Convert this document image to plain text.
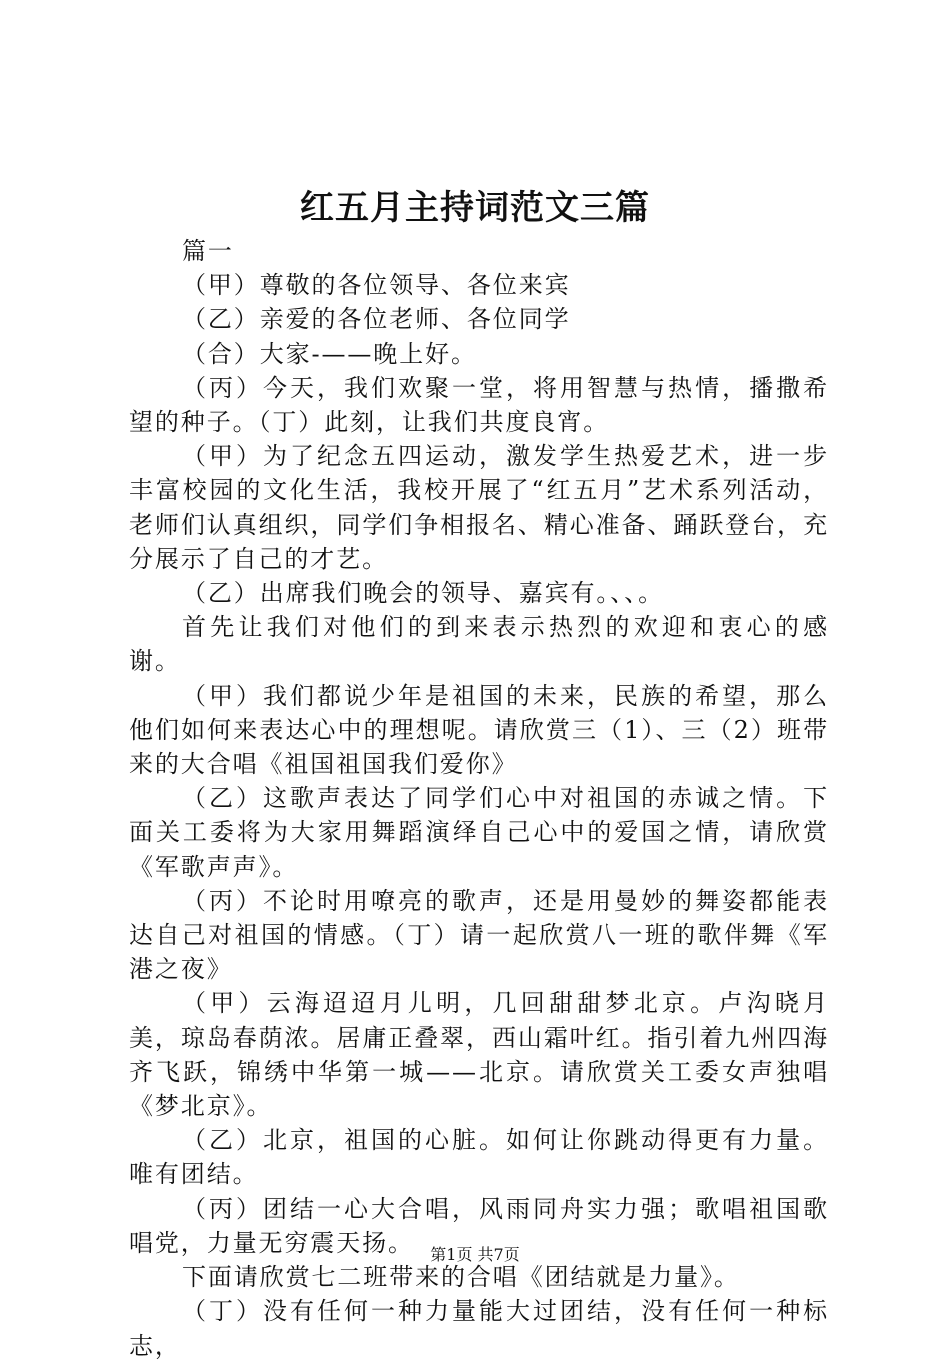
红五月主持词范文三篇

篇一

（甲）尊敬的各位领导、各位来宾

（乙）亲爱的各位老师、各位同学

（合）大家-——晚上好。

（丙）今天，我们欢聚一堂，将用智慧与热情，播撒希望的种子。（丁）此刻，让我们共度良宵。

（甲）为了纪念五四运动，激发学生热爱艺术，进一步丰富校园的文化生活，我校开展了“红五月”艺术系列活动，老师们认真组织，同学们争相报名、精心准备、踊跃登台，充分展示了自己的才艺。

（乙）出席我们晚会的领导、嘉宾有。、、。

首先让我们对他们的到来表示热烈的欢迎和衷心的感谢。

（甲）我们都说少年是祖国的未来，民族的希望，那么他们如何来表达心中的理想呢。请欣赏三（1）、三（2）班带来的大合唱《祖国祖国我们爱你》

（乙）这歌声表达了同学们心中对祖国的赤诚之情。下面关工委将为大家用舞蹈演绎自己心中的爱国之情，请欣赏《军歌声声》。

（丙）不论时用嘹亮的歌声，还是用曼妙的舞姿都能表达自己对祖国的情感。（丁）请一起欣赏八一班的歌伴舞《军港之夜》

（甲）云海迢迢月儿明，几回甜甜梦北京。卢沟晓月美，琼岛春荫浓。居庸正叠翠，西山霜叶红。指引着九州四海齐飞跃，锦绣中华第一城——北京。请欣赏关工委女声独唱《梦北京》。

（乙）北京，祖国的心脏。如何让你跳动得更有力量。唯有团结。

（丙）团结一心大合唱，风雨同舟实力强；歌唱祖国歌唱党，力量无穷震天扬。

下面请欣赏七二班带来的合唱《团结就是力量》。

（丁）没有任何一种力量能大过团结，没有任何一种标志，

第1页 共7页
